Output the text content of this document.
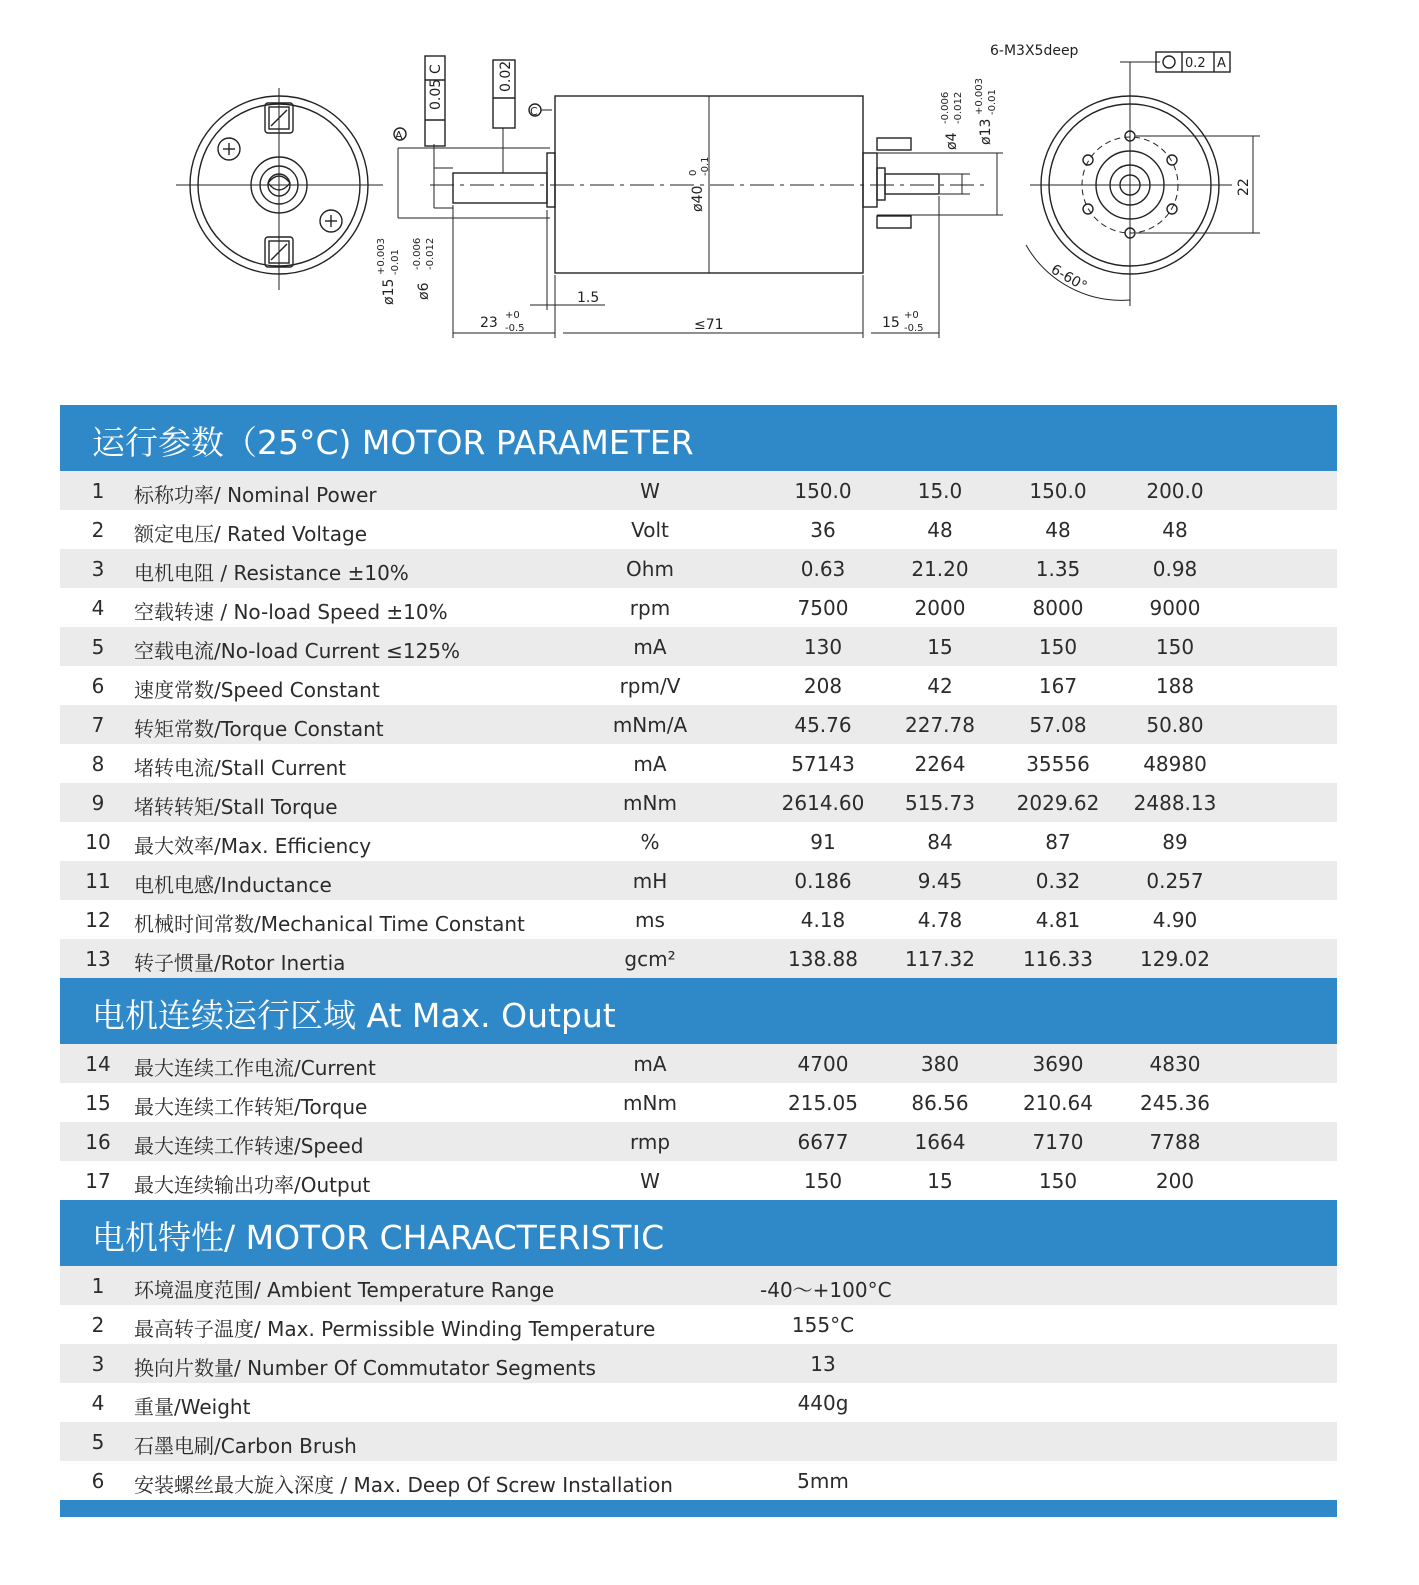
0.05
C	0.02
A
C
ø15
+0.003 -0.01
ø6
-0.006 -0.012
ø40
0 -0.1
ø4
-0.006 -0.012
ø13
+0.003 -0.01
23 +0
-0.5
1.5
≤71	15 +0
-0.5
6-M3X5deep
0.2 A
22
6-60°
运行参数（25°C) MOTOR PARAMETER
1	标称功率/ Nominal Power	W	150.0	15.0	150.0	200.0
2	额定电压/ Rated Voltage	Volt	36	48	48	48
3	电机电阻 / Resistance ±10%	Ohm	0.63	21.20	1.35	0.98
4	空载转速 / No-load Speed ±10%	rpm	7500	2000	8000	9000
5	空载电流/No-load Current ≤125%	mA	130	15	150	150
6	速度常数/Speed Constant	rpm/V	208	42	167	188
7	转矩常数/Torque Constant	mNm/A	45.76	227.78	57.08	50.80
8	堵转电流/Stall Current	mA	57143	2264	35556	48980
9	堵转转矩/Stall Torque	mNm	2614.60	515.73	2029.62	2488.13
10	最大效率/Max. Efficiency	%	91	84	87	89
11	电机电感/Inductance	mH	0.186	9.45	0.32	0.257
12	机械时间常数/Mechanical Time Constant	ms	4.18	4.78	4.81	4.90
13	转子惯量/Rotor Inertia	gcm²	138.88	117.32	116.33	129.02
电机连续运行区域 At Max. Output
14	最大连续工作电流/Current	mA	4700	380	3690	4830
15	最大连续工作转矩/Torque	mNm	215.05	86.56	210.64	245.36
16	最大连续工作转速/Speed	rmp	6677	1664	7170	7788
17	最大连续输出功率/Output	W	150	15	150	200
电机特性/ MOTOR CHARACTERISTIC
1	环境温度范围/ Ambient Temperature Range	-40～+100°C
2	最高转子温度/ Max. Permissible Winding Temperature	155°C
3	换向片数量/ Number Of Commutator Segments	13
4	重量/Weight	440g
5	石墨电刷/Carbon Brush
6	安装螺丝最大旋入深度 / Max. Deep Of Screw Installation	5mm
